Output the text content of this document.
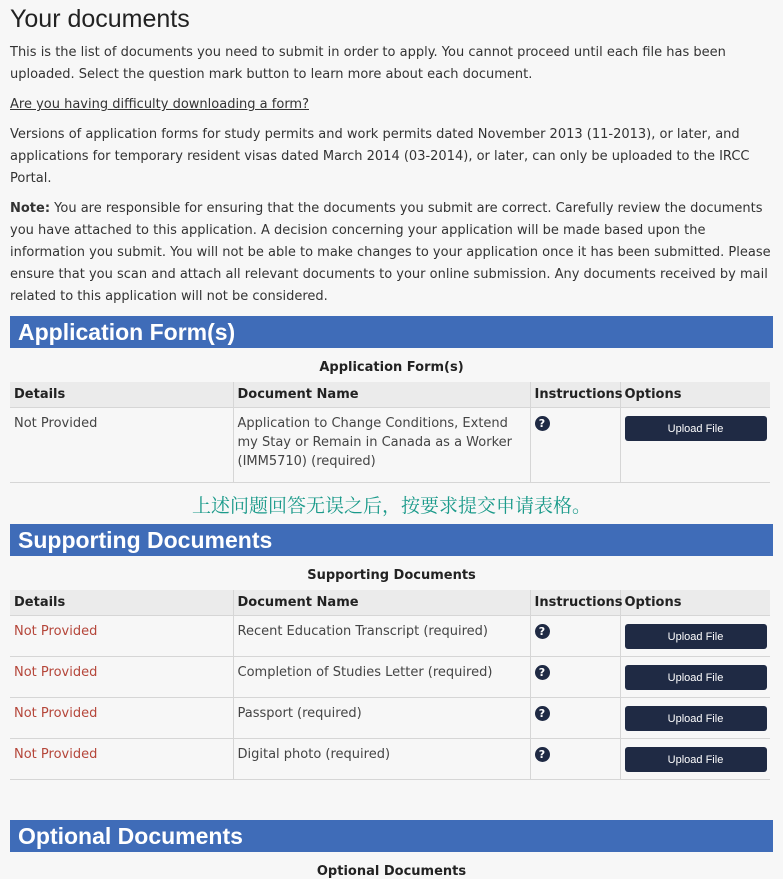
Your documents

This is the list of documents you need to submit in order to apply. You cannot proceed until each file has been uploaded. Select the question mark button to learn more about each document.

Are you having difficulty downloading a form?

Versions of application forms for study permits and work permits dated November 2013 (11-2013), or later, and applications for temporary resident visas dated March 2014 (03-2014), or later, can only be uploaded to the IRCC Portal.

Note: You are responsible for ensuring that the documents you submit are correct. Carefully review the documents you have attached to this application. A decision concerning your application will be made based upon the information you submit. You will not be able to make changes to your application once it has been submitted. Please ensure that you scan and attach all relevant documents to your online submission. Any documents received by mail related to this application will not be considered.

Application Form(s)
Application Form(s)
Details	Document Name	Instructions	Options
Not Provided	Application to Change Conditions, Extend my Stay or Remain in Canada as a Worker (IMM5710) (required)	?	Upload File
上述问题回答无误之后，按要求提交申请表格。
Supporting Documents
Supporting Documents
Details	Document Name	Instructions	Options
Not Provided	Recent Education Transcript (required)	?	Upload File

Not Provided	Completion of Studies Letter (required)	?	Upload File

Not Provided	Passport (required)	?	Upload File

Not Provided	Digital photo (required)	?	Upload File
Optional Documents
Optional Documents
